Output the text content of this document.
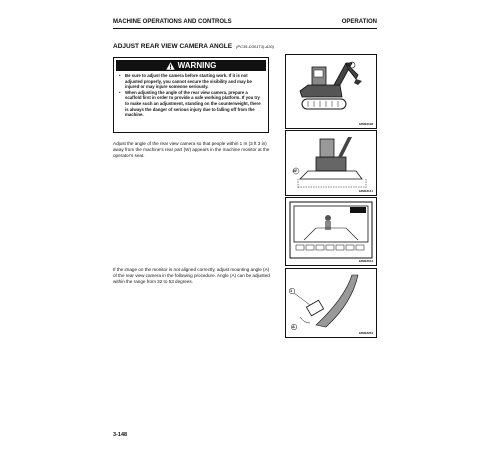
MACHINE OPERATIONS AND CONTROLS	OPERATION
ADJUST REAR VIEW CAMERA ANGLE (PC35-D301T3)-A30)
WARNING
• Be sure to adjust the camera before starting work. If it is not adjusted properly, you cannot secure the visibility and may be injured or may injure someone seriously.
• When adjusting the angle of the rear view camera, prepare a scaffold first in order to provide a safe working platform. If you try to make such an adjustment, standing on the counterweight, there is always the danger of serious injury due to falling off from the machine.
Adjust the angle of the rear view camera so that people within 1 m (3 ft 3 in) away from the machine's rear part (W) appears in the machine monitor at the operator's seat.
If the image on the monitor is not aligned correctly, adjust mounting angle (A) of the rear view camera in the following procedure. Angle (A) can be adjusted within the range from 32 to 53 degrees.
9JM03198
W
9JM03141
9JM03613
1
A
9JM03234
3-148
